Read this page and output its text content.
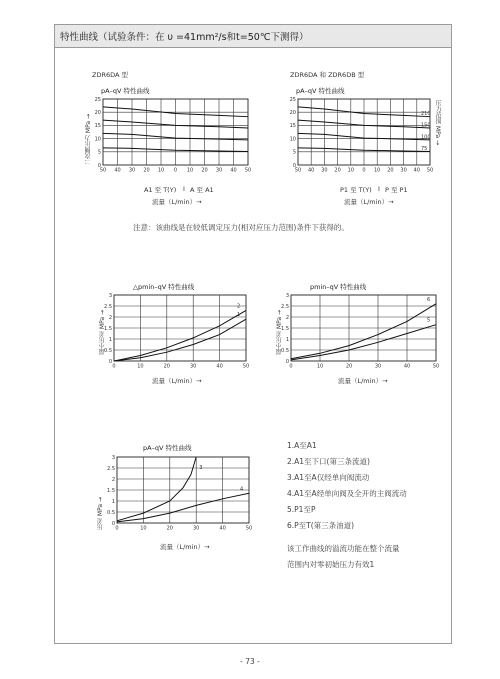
特性曲线（试验条件：在 υ =41mm²/s和t=50℃下测得）
ZDR6DA 型
pA–qV 特性曲线
二次侧压力 MPa →
50 40 30 20 10 0 10 20 30 40 50
0
5
10
15
20
25
A1 至 T(Y) I A 至 A1
流量（L/min）→
ZDR6DA 和 ZDR6DB 型
pA–qV 特性曲线
50 40 30 20 10 0 10 20 30 40 50
0
5
10
15
20
25
210
150
100
75
压力范围 MPa →
P1 至 T(Y) I P 至 P1
流量（L/min）→
注意：该曲线是在较低调定压力(相对应压力范围)条件下获得的。
△pmin–qV 特性曲线
最小压差 MPa →
0	10	20	30	40	50
0
0.5
1
1.5
2
2.5
3
2
1
流量（L/min）→
pmin–qV 特性曲线
最小压差 MPa →
0	10	20	30	40	50
0
0.5
1
1.5
2
2.5
3
6
5
流量（L/min）→
pA–qV 特性曲线
压差 MPa → 0	10	20	30	40	50
0
0.5
1
1.5
2
2.5
3
3
4
流量（L/min）→
1.A至A1
2.A1至下口(第三条流道)
3.A1至A仅经单向阀流动
4.A1至A经单向阀及全开的主阀流动
5.P1至P
6.P至T(第三条油道)
该工作曲线的溢流功能在整个流量
范围内对零初始压力有效1
- 73 -
